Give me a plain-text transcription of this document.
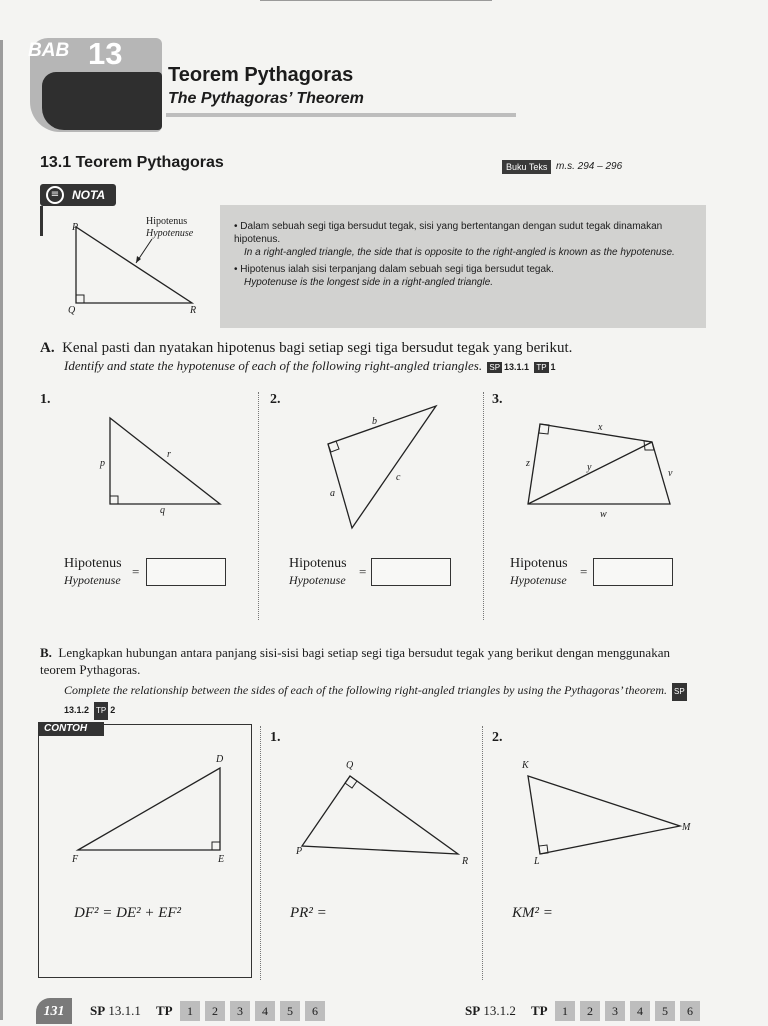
BAB 13
Teorem Pythagoras
The Pythagoras’ Theorem
13.1 Teorem Pythagoras	Buku Teks m.s. 294 – 296
≡	NOTA
Hipotenus
Hypotenuse
P
Q	R
• Dalam sebuah segi tiga bersudut tegak, sisi yang bertentangan dengan sudut tegak dinamakan hipotenus.
In a right-angled triangle, the side that is opposite to the right-angled is known as the hypotenuse.
• Hipotenus ialah sisi terpanjang dalam sebuah segi tiga bersudut tegak.
Hypotenuse is the longest side in a right-angled triangle.
A. Kenal pasti dan nyatakan hipotenus bagi setiap segi tiga bersudut tegak yang berikut.
Identify and state the hypotenuse of each of the following right-angled triangles. SP 13.1.1 TP 1
1.
p
r
q
Hipotenus
Hypotenuse
=
2.
b
c
a
Hipotenus
Hypotenuse
=
3.
x
z	y
v
w
Hipotenus
Hypotenuse
=
B. Lengkapkan hubungan antara panjang sisi-sisi bagi setiap segi tiga bersudut tegak yang berikut dengan menggunakan teorem Pythagoras.
Complete the relationship between the sides of each of the following right-angled triangles by using the Pythagoras’ theorem. SP13.1.2 TP 2
CONTOH
D
F	E
DF² = DE² + EF²
1.
Q
P
R
PR² =
2.
K
M
L
KM² =
131	SP 13.1.1 TP	1	2	3	4	5	6	SP 13.1.2 TP	1	2	3	4	5	6
